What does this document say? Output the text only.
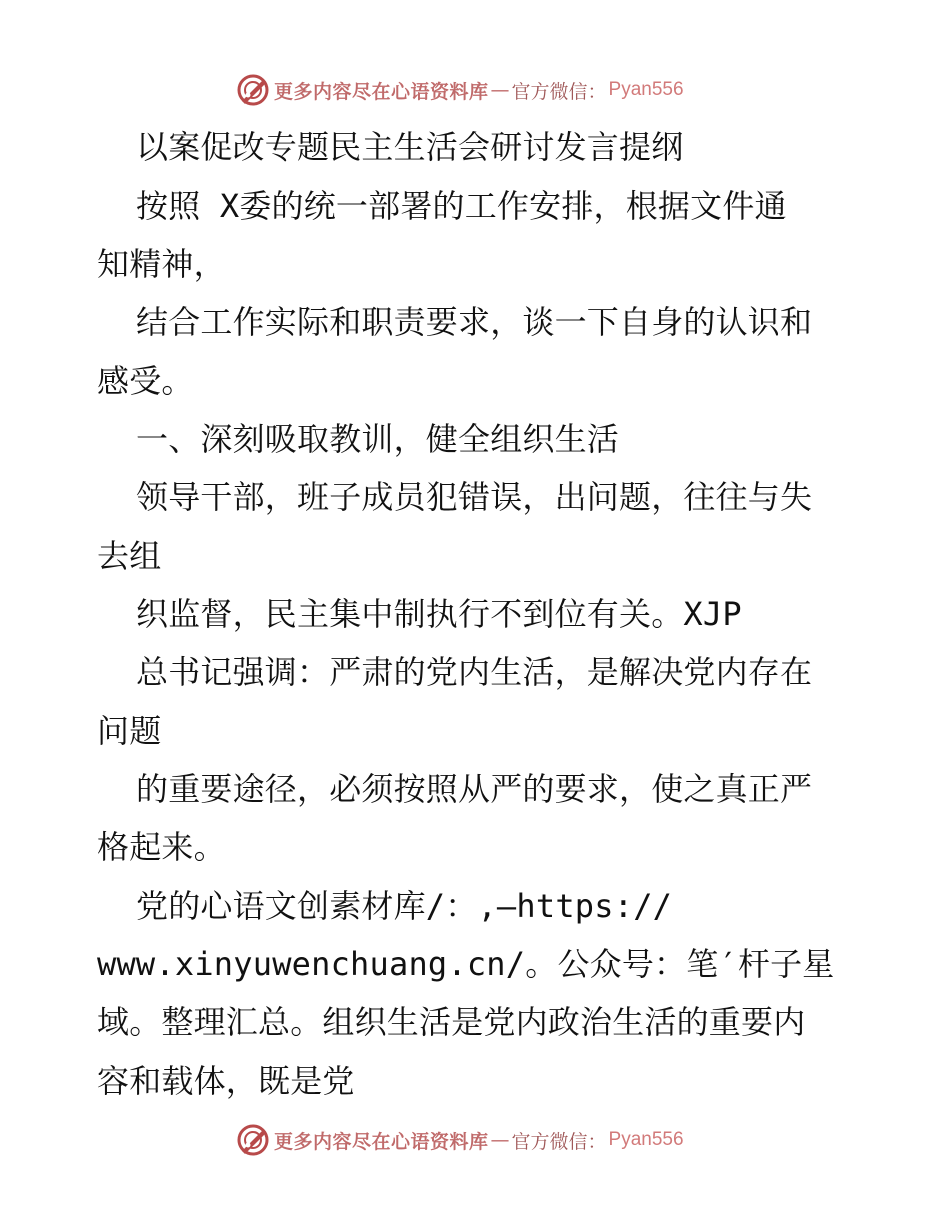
更多内容尽在心语资料库 — 官方微信： Pyan556
以案促改专题民主生活会研讨发言提纲
按照 X委的统一部署的工作安排，根据文件通
知精神，
结合工作实际和职责要求，谈一下自身的认识和
感受。
一、深刻吸取教训，健全组织生活
领导干部，班子成员犯错误，出问题，往往与失
去组
织监督，民主集中制执行不到位有关。XJP
总书记强调：严肃的党内生活，是解决党内存在
问题
的重要途径，必须按照从严的要求，使之真正严
格起来。
党的心语文创素材库/：,—https://
www.xinyuwenchuang.cn/。公众号：笔′杆子星
域。整理汇总。组织生活是党内政治生活的重要内
容和载体，既是党
更多内容尽在心语资料库 — 官方微信： Pyan556
